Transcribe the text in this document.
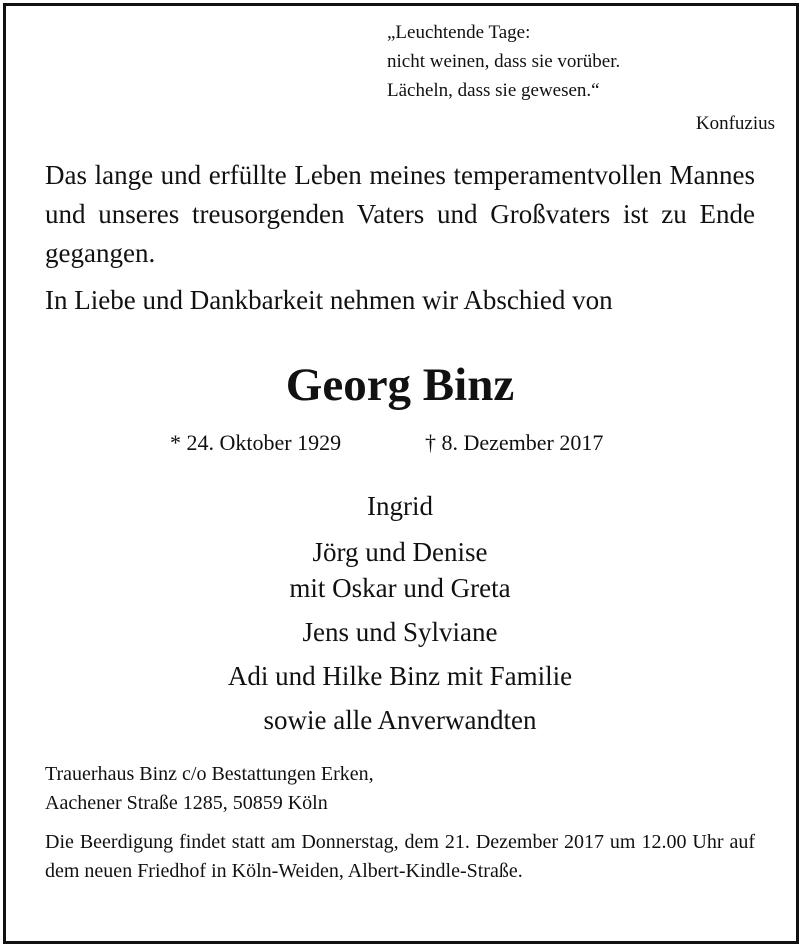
„Leuchtende Tage:
nicht weinen, dass sie vorüber.
Lächeln, dass sie gewesen.“
Konfuzius

Das lange und erfüllte Leben meines temperamentvollen Mannes und unseres treusorgenden Vaters und Großvaters ist zu Ende gegangen.

In Liebe und Dankbarkeit nehmen wir Abschied von

Georg Binz
* 24. Oktober 1929	† 8. Dezember 2017
Ingrid
Jörg und Denise
mit Oskar und Greta
Jens und Sylviane
Adi und Hilke Binz mit Familie
sowie alle Anverwandten
Trauerhaus Binz c/o Bestattungen Erken,
Aachener Straße 1285, 50859 Köln
Die Beerdigung findet statt am Donnerstag, dem 21. Dezember 2017 um 12.00 Uhr auf dem neuen Friedhof in Köln-Weiden, Albert-Kindle-Straße.
